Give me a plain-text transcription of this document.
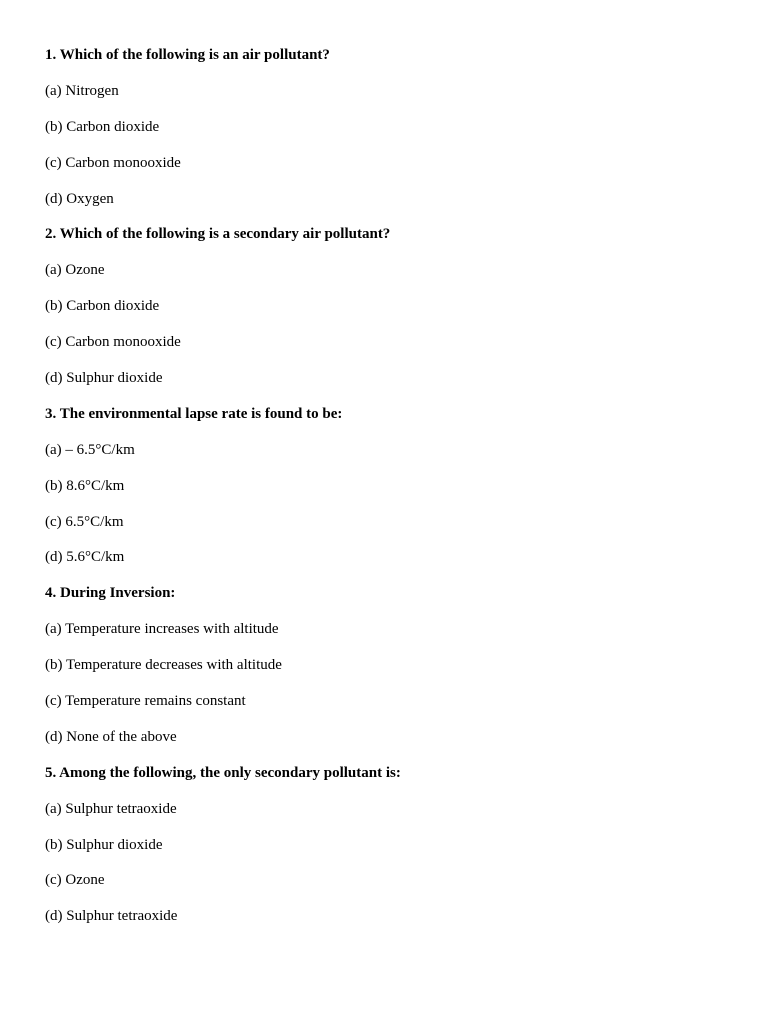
1. Which of the following is an air pollutant?
(a) Nitrogen
(b) Carbon dioxide
(c) Carbon monooxide
(d) Oxygen
2. Which of the following is a secondary air pollutant?
(a) Ozone
(b) Carbon dioxide
(c) Carbon monooxide
(d) Sulphur dioxide
3. The environmental lapse rate is found to be:
(a) – 6.5°C/km
(b) 8.6°C/km
(c) 6.5°C/km
(d) 5.6°C/km
4. During Inversion:
(a) Temperature increases with altitude
(b) Temperature decreases with altitude
(c) Temperature remains constant
(d) None of the above
5. Among the following, the only secondary pollutant is:
(a) Sulphur tetraoxide
(b) Sulphur dioxide
(c) Ozone
(d) Sulphur tetraoxide
